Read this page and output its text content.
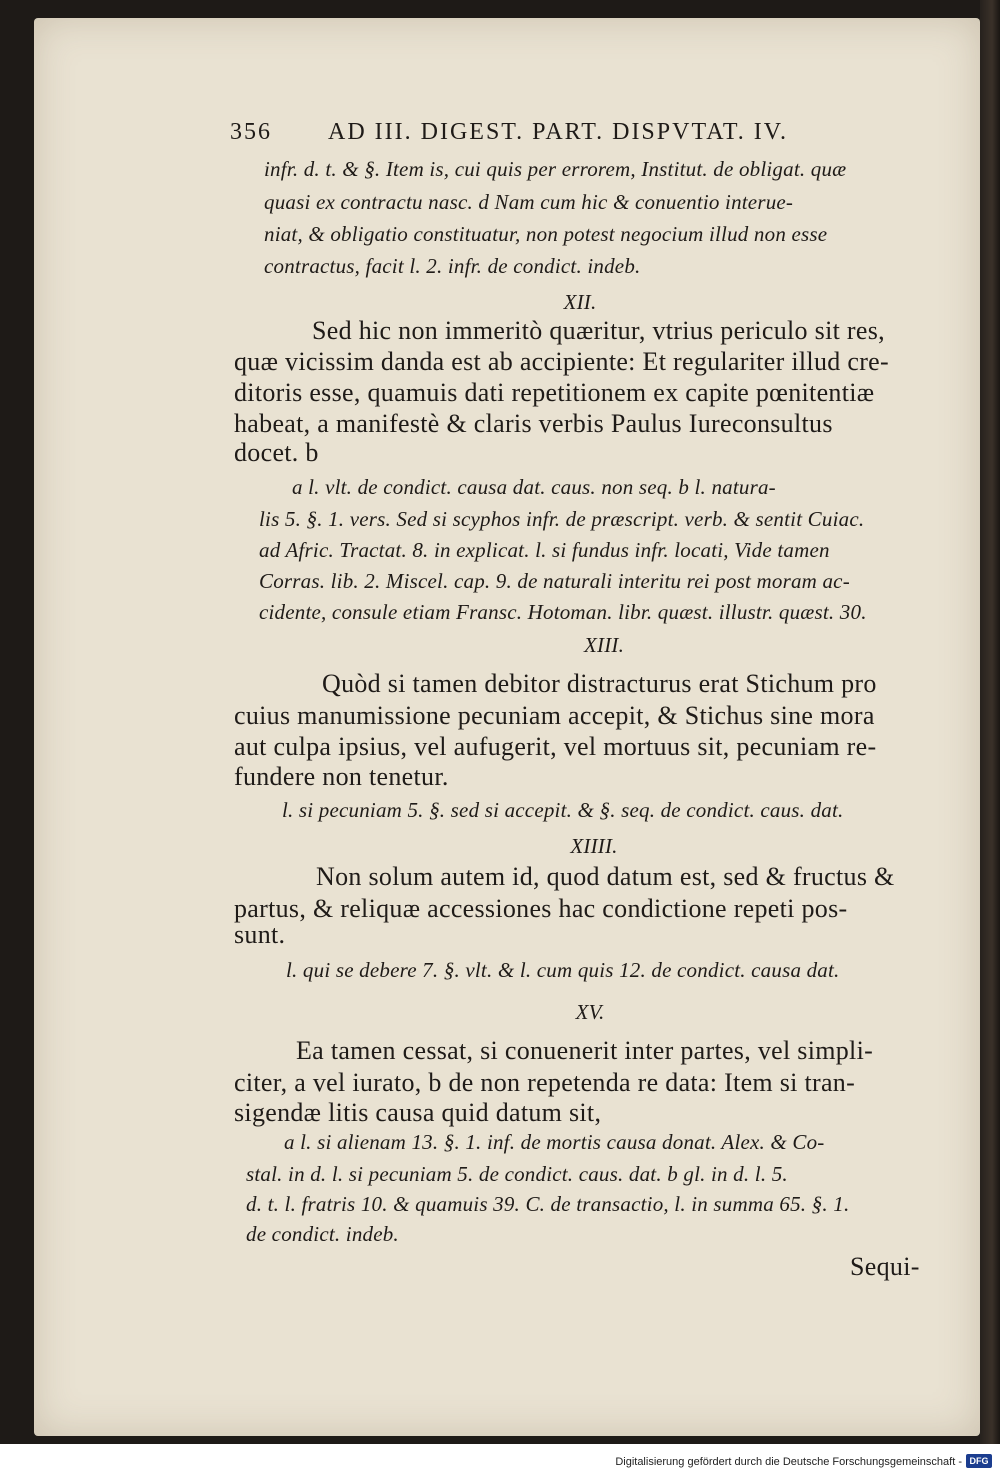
356 AD III. DIGEST. PART. DISPVTAT. IV.
infr. d. t. & §. Item is, cui quis per errorem, Institut. de obligat. quæ
quasi ex contractu nasc. d Nam cum hic & conuentio interue-
niat, & obligatio constituatur, non potest negocium illud non esse
contractus, facit l. 2. infr. de condict. indeb.
XII.
Sed hic non immeritò quæritur, vtrius periculo sit res,
quæ vicissim danda est ab accipiente: Et regulariter illud cre-
ditoris esse, quamuis dati repetitionem ex capite pœnitentiæ
habeat, a manifestè & claris verbis Paulus Iureconsultus
docet. b
a l. vlt. de condict. causa dat. caus. non seq. b l. natura-
lis 5. §. 1. vers. Sed si scyphos infr. de præscript. verb. & sentit Cuiac.
ad Afric. Tractat. 8. in explicat. l. si fundus infr. locati, Vide tamen
Corras. lib. 2. Miscel. cap. 9. de naturali interitu rei post moram ac-
cidente, consule etiam Fransc. Hotoman. libr. quæst. illustr. quæst. 30.
XIII.
Quòd si tamen debitor distracturus erat Stichum pro
cuius manumissione pecuniam accepit, & Stichus sine mora
aut culpa ipsius, vel aufugerit, vel mortuus sit, pecuniam re-
fundere non tenetur.
l. si pecuniam 5. §. sed si accepit. & §. seq. de condict. caus. dat.
XIIII.
Non solum autem id, quod datum est, sed & fructus &
partus, & reliquæ accessiones hac condictione repeti pos-
sunt.
l. qui se debere 7. §. vlt. & l. cum quis 12. de condict. causa dat.
XV.
Ea tamen cessat, si conuenerit inter partes, vel simpli-
citer, a vel iurato, b de non repetenda re data: Item si tran-
sigendæ litis causa quid datum sit,
a l. si alienam 13. §. 1. inf. de mortis causa donat. Alex. & Co-
stal. in d. l. si pecuniam 5. de condict. caus. dat. b gl. in d. l. 5.
d. t. l. fratris 10. & quamuis 39. C. de transactio, l. in summa 65. §. 1.
de condict. indeb.
Sequi-
Digitalisierung gefördert durch die Deutsche Forschungsgemeinschaft - DFG
